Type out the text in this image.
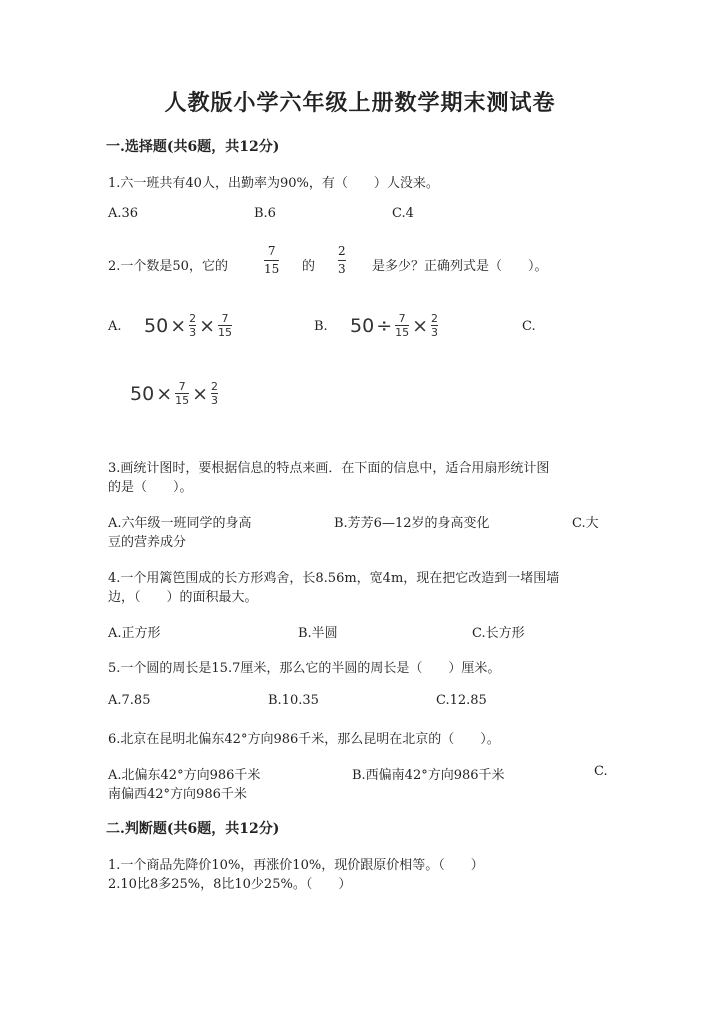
人教版小学六年级上册数学期末测试卷
一.选择题(共6题，共12分)
1.六一班共有40人，出勤率为90%，有（　　）人没来。
A.36	B.6	C.4
2.一个数是50，它的
7
15 的
2
3 是多少？正确列式是（　　）。
A. 50 × 2
3 × 7
15	B. 50 ÷ 7
15 × 2
3	C.
50 × 7
15 × 2
3
3.画统计图时，要根据信息的特点来画．在下面的信息中，适合用扇形统计图
的是（　　）。
A.六年级一班同学的身高	B.芳芳6—12岁的身高变化	C.大
豆的营养成分
4.一个用篱笆围成的长方形鸡舍，长8.56m，宽4m，现在把它改造到一堵围墙
边，（　　）的面积最大。
A.正方形	B.半圆	C.长方形
5.一个圆的周长是15.7厘米，那么它的半圆的周长是（　　）厘米。
A.7.85	B.10.35	C.12.85
6.北京在昆明北偏东42°方向986千米，那么昆明在北京的（　　）。
A.北偏东42°方向986千米	B.西偏南42°方向986千米	C.
南偏西42°方向986千米
二.判断题(共6题，共12分)
1.一个商品先降价10%，再涨价10%，现价跟原价相等。（　　）
2.10比8多25%，8比10少25%。（　　）
